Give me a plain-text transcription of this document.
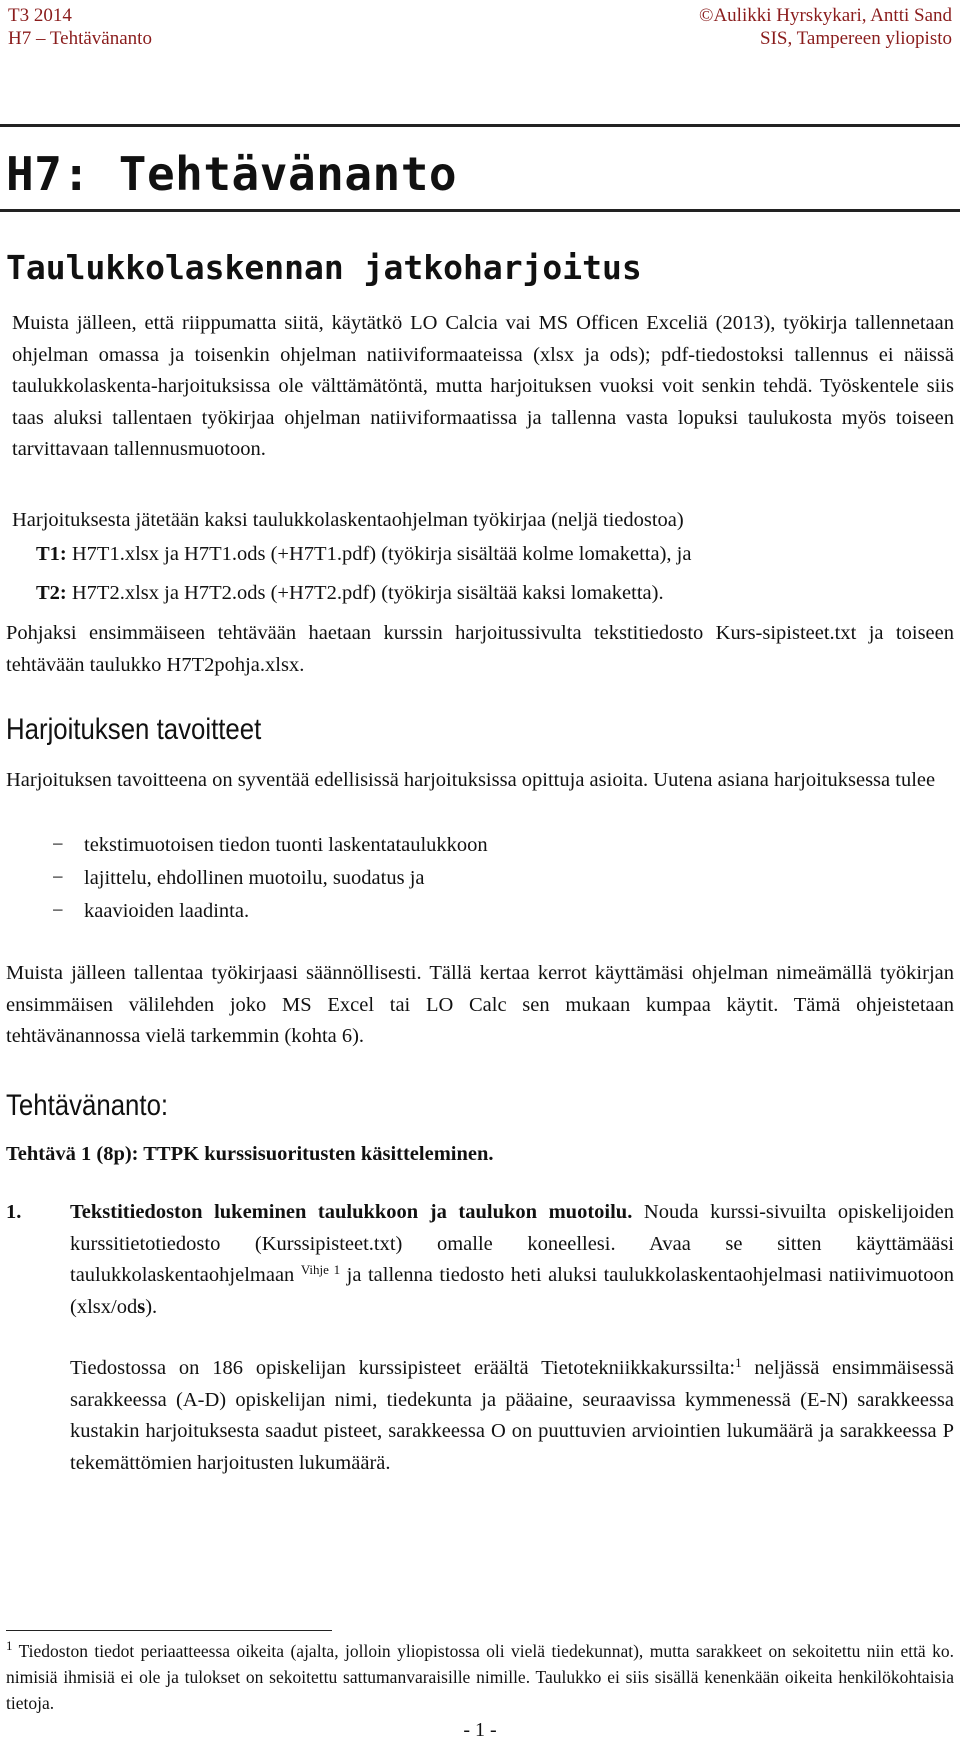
T3 2014
H7 – Tehtävänanto
©Aulikki Hyrskykari, Antti Sand
SIS, Tampereen yliopisto
H7: Tehtävänanto
Taulukkolaskennan jatkoharjoitus
Muista jälleen, että riippumatta siitä, käytätkö LO Calcia vai MS Officen Exceliä (2013), työkirja tallennetaan ohjelman omassa ja toisenkin ohjelman natiiviformaateissa (xlsx ja ods); pdf-tiedostoksi tallennus ei näissä taulukkolaskenta-harjoituksissa ole välttämätöntä, mutta harjoituksen vuoksi voit senkin tehdä. Työskentele siis taas aluksi tallentaen työkirjaa ohjelman natiiviformaatissa ja tallenna vasta lopuksi taulukosta myös toiseen tarvittavaan tallennusmuotoon.
Harjoituksesta jätetään kaksi taulukkolaskentaohjelman työkirjaa (neljä tiedostoa)
T1: H7T1.xlsx ja H7T1.ods (+H7T1.pdf) (työkirja sisältää kolme lomaketta), ja
T2: H7T2.xlsx ja H7T2.ods (+H7T2.pdf) (työkirja sisältää kaksi lomaketta).
Pohjaksi ensimmäiseen tehtävään haetaan kurssin harjoitussivulta tekstitiedosto Kurs-sipisteet.txt ja toiseen tehtävään taulukko H7T2pohja.xlsx.
Harjoituksen tavoitteet
Harjoituksen tavoitteena on syventää edellisissä harjoituksissa opittuja asioita. Uutena asiana harjoituksessa tulee
− tekstimuotoisen tiedon tuonti laskentataulukkoon
− lajittelu, ehdollinen muotoilu, suodatus ja
− kaavioiden laadinta.
Muista jälleen tallentaa työkirjaasi säännöllisesti. Tällä kertaa kerrot käyttämäsi ohjelman nimeämällä työkirjan ensimmäisen välilehden joko MS Excel tai LO Calc sen mukaan kumpaa käytit. Tämä ohjeistetaan tehtävänannossa vielä tarkemmin (kohta 6).
Tehtävänanto:
Tehtävä 1 (8p): TTPK kurssisuoritusten käsitteleminen.
1. Tekstitiedoston lukeminen taulukkoon ja taulukon muotoilu. Nouda kurssi-sivuilta opiskelijoiden kurssitietotiedosto (Kurssipisteet.txt) omalle koneellesi. Avaa se sitten käyttämääsi taulukkolaskentaohjelmaan $^{Vihje 1}$ ja tallenna tiedosto heti aluksi taulukkolaskentaohjelmasi natiivimuotoon (xlsx/ods).
Tiedostossa on 186 opiskelijan kurssipisteet eräältä Tietotekniikkakurssilta:$^1$ neljässä ensimmäisessä sarakkeessa (A-D) opiskelijan nimi, tiedekunta ja pääaine, seuraavissa kymmenessä (E-N) sarakkeessa kustakin harjoituksesta saadut pisteet, sarakkeessa O on puuttuvien arviointien lukumäärä ja sarakkeessa P tekemättömien harjoitusten lukumäärä.
$^1$ Tiedoston tiedot periaatteessa oikeita (ajalta, jolloin yliopistossa oli vielä tiedekunnat), mutta sarakkeet on sekoitettu niin että ko. nimisiä ihmisiä ei ole ja tulokset on sekoitettu sattumanvaraisille nimille. Taulukko ei siis sisällä kenenkään oikeita henkilökohtaisia tietoja.
- 1 -
